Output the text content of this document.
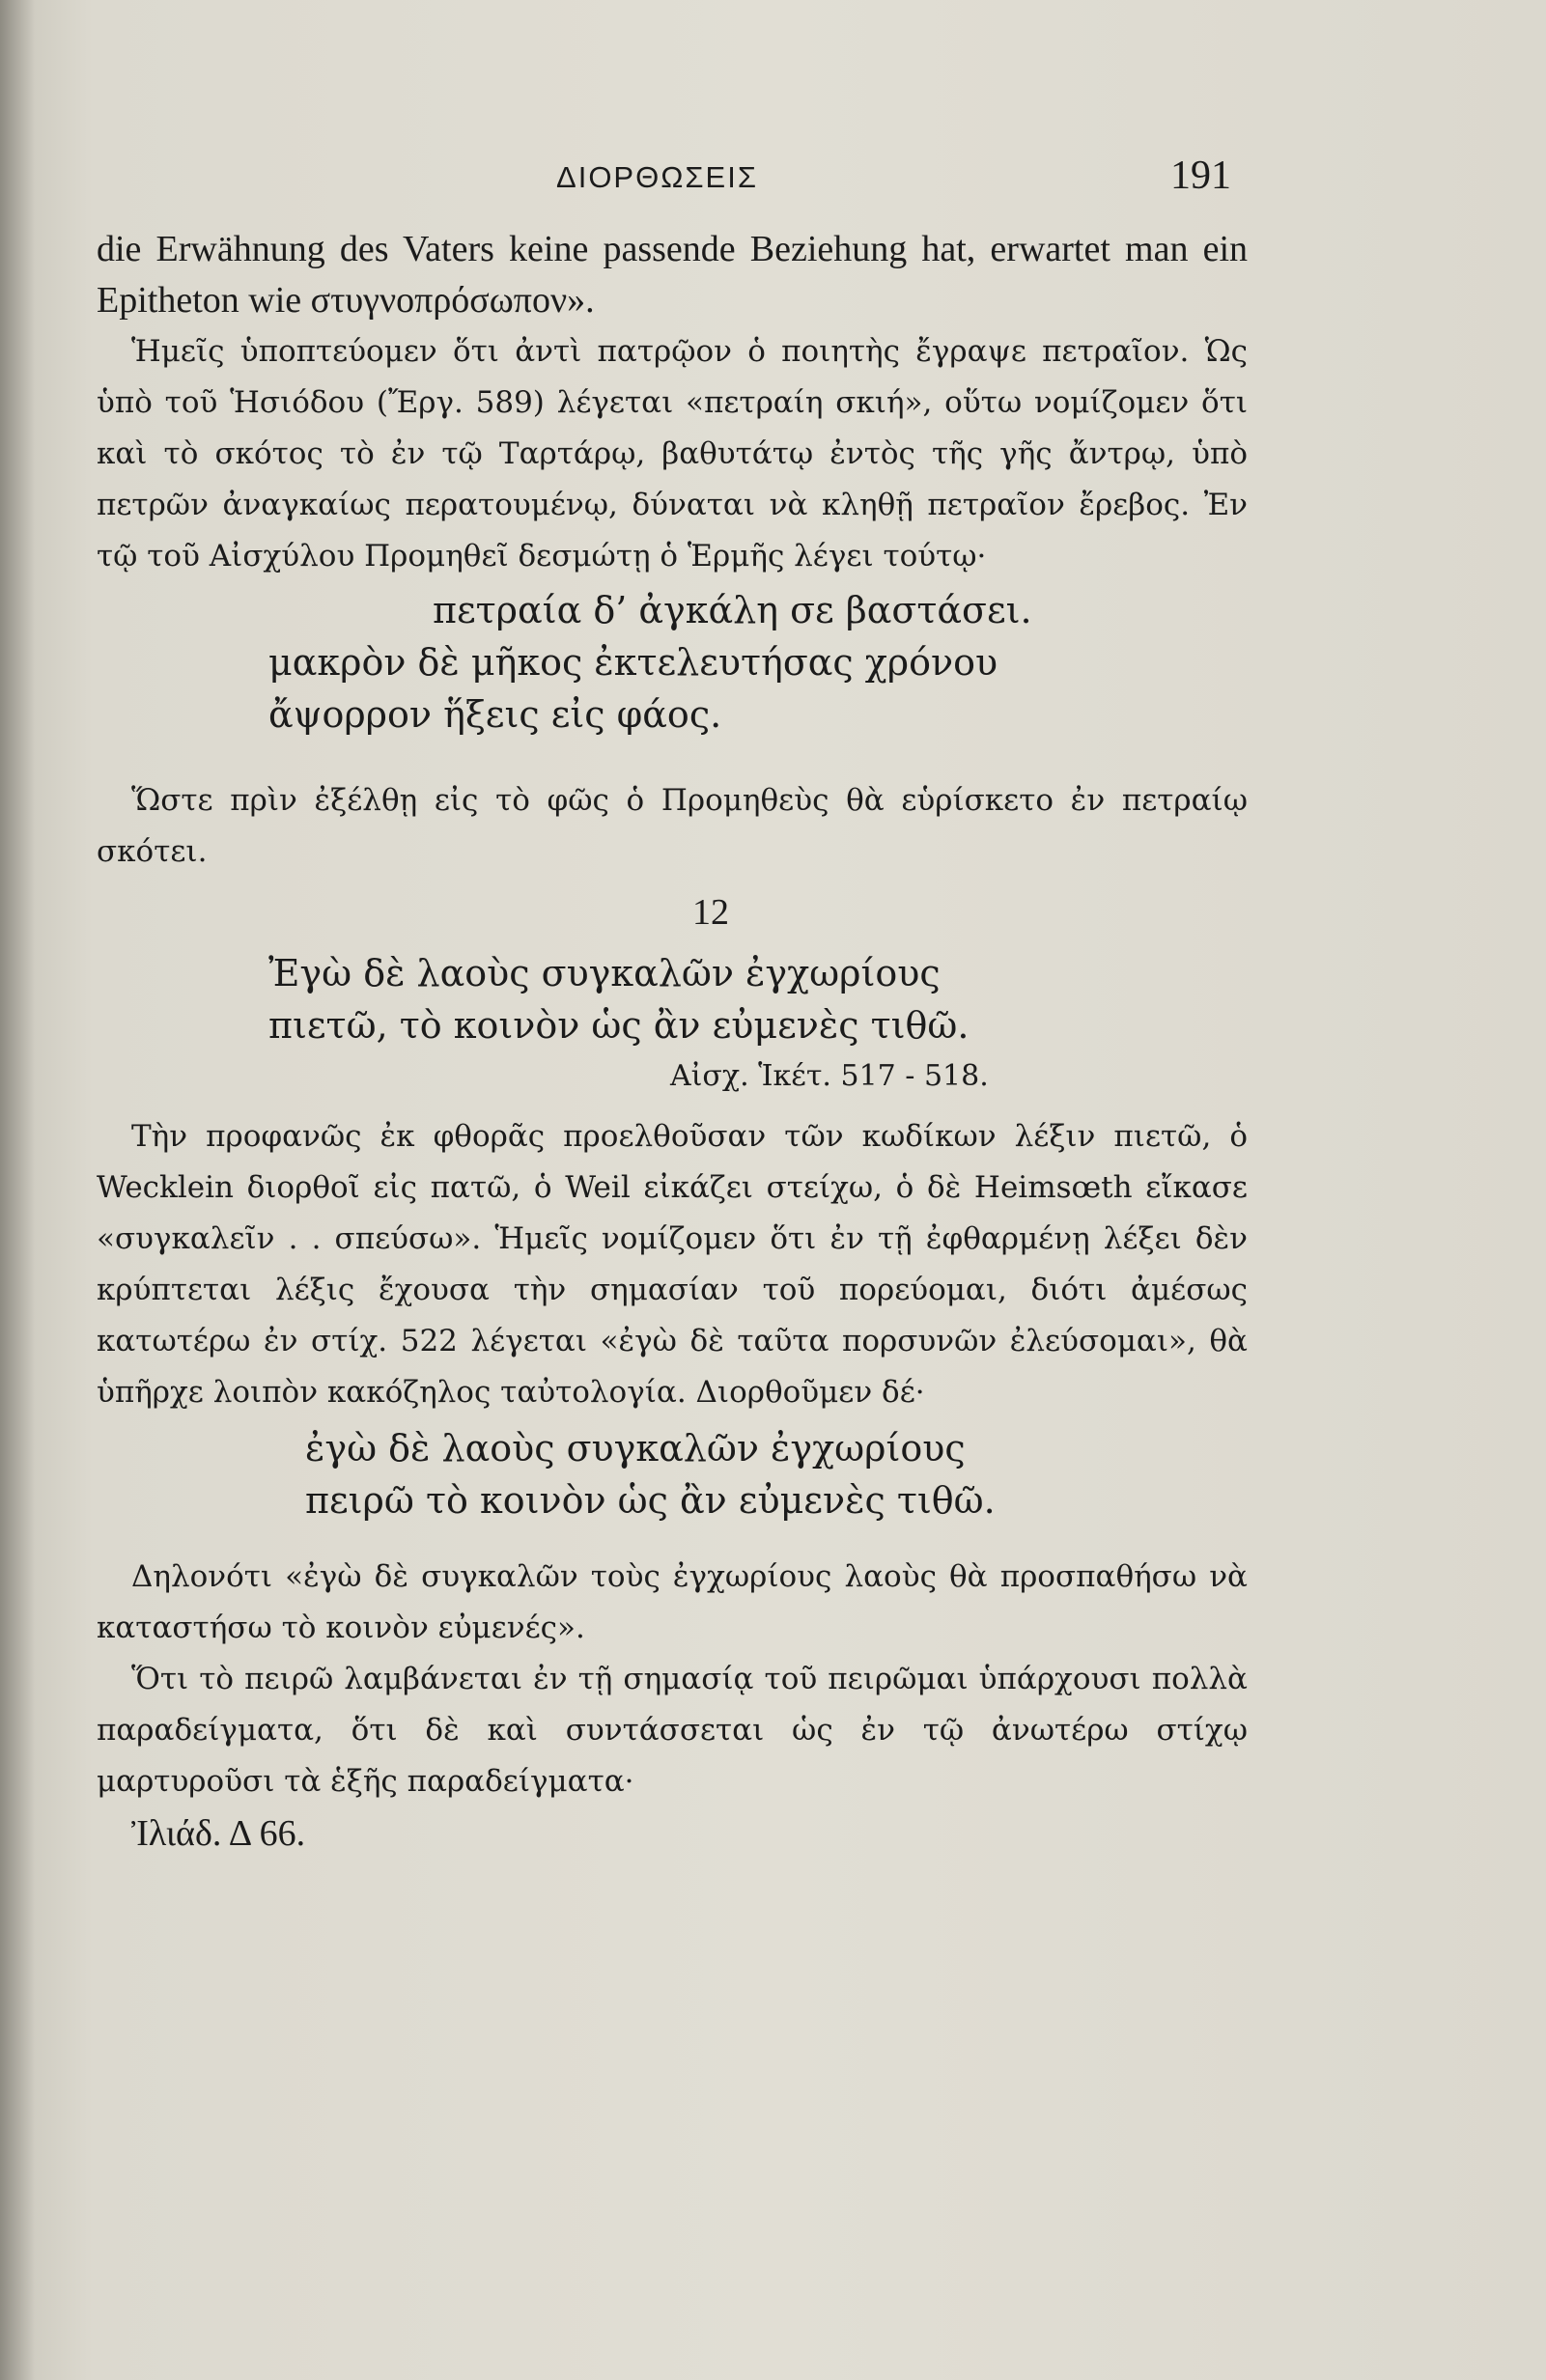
ΔΙΟΡΘΩΣΕΙΣ	191

die Erwähnung des Vaters keine passende Beziehung hat, erwartet man ein Epitheton wie στυγνοπρόσωπον».

Ἡμεῖς ὑποπτεύομεν ὅτι ἀντὶ πατρῷον ὁ ποιητὴς ἔγραψε πετραῖον. Ὡς ὑπὸ τοῦ Ἡσιόδου (Ἔργ. 589) λέγεται «πετραίη σκιή», οὕτω νομίζομεν ὅτι καὶ τὸ σκότος τὸ ἐν τῷ Ταρτάρῳ, βαθυτάτῳ ἐντὸς τῆς γῆς ἄντρῳ, ὑπὸ πετρῶν ἀναγκαίως περατουμένῳ, δύναται νὰ κληθῇ πετραῖον ἔρεβος. Ἐν τῷ τοῦ Αἰσχύλου Προμηθεῖ δεσμώτῃ ὁ Ἑρμῆς λέγει τούτῳ·

πετραία δ’ ἀγκάλη σε βαστάσει.

μακρὸν δὲ μῆκος ἐκτελευτήσας χρόνου

ἄψορρον ἥξεις εἰς φάος.

Ὥστε πρὶν ἐξέλθῃ εἰς τὸ φῶς ὁ Προμηθεὺς θὰ εὑρίσκετο ἐν πετραίῳ σκότει.

12

Ἐγὼ δὲ λαοὺς συγκαλῶν ἐγχωρίους

πιετῶ, τὸ κοινὸν ὡς ἂν εὐμενὲς τιθῶ.

Αἰσχ. Ἱκέτ. 517 - 518.

Τὴν προφανῶς ἐκ φθορᾶς προελθοῦσαν τῶν κωδίκων λέξιν πιετῶ, ὁ Wecklein διορθοῖ εἰς πατῶ, ὁ Weil εἰκάζει στείχω, ὁ δὲ Heimsœth εἴκασε «συγκαλεῖν . . σπεύσω». Ἡμεῖς νομίζομεν ὅτι ἐν τῇ ἐφθαρμένῃ λέξει δὲν κρύπτεται λέξις ἔχουσα τὴν σημασίαν τοῦ πορεύομαι, διότι ἀμέσως κατωτέρω ἐν στίχ. 522 λέγεται «ἐγὼ δὲ ταῦτα πορσυνῶν ἐλεύσομαι», θὰ ὑπῆρχε λοιπὸν κακόζηλος ταὐτολογία. Διορθοῦμεν δέ·

ἐγὼ δὲ λαοὺς συγκαλῶν ἐγχωρίους

πειρῶ τὸ κοινὸν ὡς ἂν εὐμενὲς τιθῶ.

Δηλονότι «ἐγὼ δὲ συγκαλῶν τοὺς ἐγχωρίους λαοὺς θὰ προσπαθήσω νὰ καταστήσω τὸ κοινὸν εὐμενές».

Ὅτι τὸ πειρῶ λαμβάνεται ἐν τῇ σημασίᾳ τοῦ πειρῶμαι ὑπάρχουσι πολλὰ παραδείγματα, ὅτι δὲ καὶ συντάσσεται ὡς ἐν τῷ ἀνωτέρω στίχῳ μαρτυροῦσι τὰ ἑξῆς παραδείγματα·

Ἰλιάδ. Δ 66.
